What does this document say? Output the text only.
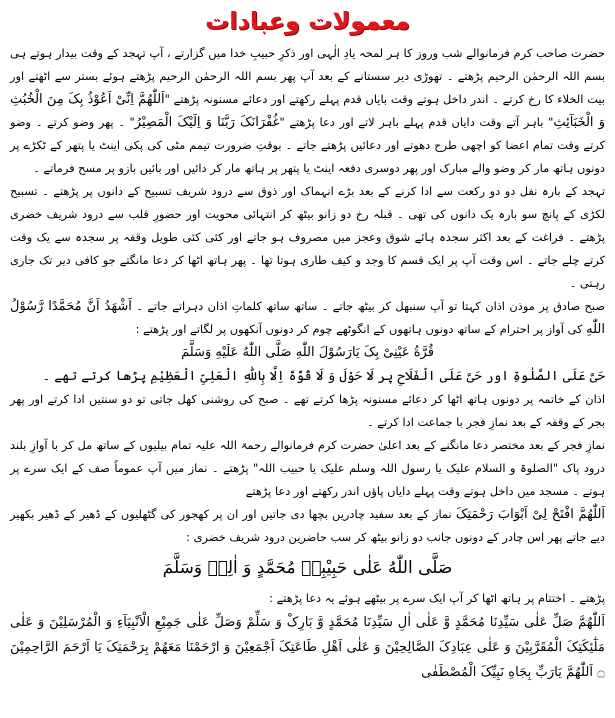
معمولات وعبادات

حضرت صاحب کرم فرمانوالے شب وروز کا ہر لمحہ یادِ الٰہی اور ذکرِ حبیبِ خدا میں گزارتے ، آپ تہجد کے وقت بیدار ہوتے ہی بسم اللہ الرحمٰن الرحیم پڑھتے ۔ تھوڑی دیر سستانے کے بعد آپ پھر بسم اللہ الرحمٰن الرحیم پڑھتے ہوئے بستر سے اٹھتے اور بیت الخلاء کا رخ کرتے ۔ اندر داخل ہوتے وقت بایاں قدم پہلے رکھتے اور دعائے مسنونہ پڑھتے "اَللّٰهُمَّ اِنِّیْ اَعُوْذُ بِکَ مِنَ الْخُبُثِ وَ الْخَبَآئِثِ" باہر آتے وقت دایاں قدم پہلے باہر لاتے اور دعا پڑھتے "غُفْرَانَکَ رَبَّنَا وَ اِلَیْکَ الْمَصِیْرُ" ۔ پھر وضو کرتے ۔ وضو کرتے وقت تمام اعضا کو اچھی طرح دھوتے اور دعائیں پڑھتے جاتے ۔ بوقتِ ضرورت تیمم مٹی کی پکی اینٹ یا پتھر کے ٹکڑے پر دونوں ہاتھ مار کر وضو والے مبارک اور پھر دوسری دفعہ اینٹ یا پتھر پر ہاتھ مار کر دائیں اور بائیں بازو پر مسح فرماتے ۔

تہجد کے بارہ نفل دو دو رکعت سے ادا کرنے کے بعد بڑے انہماک اور ذوق سے درود شریف تسبیح کے دانوں پر پڑھتے ۔ تسبیح لکڑی کے پانچ سو بارہ یک دانوں کی تھی ۔ قبلہ رخ دو زانو بیٹھ کر انتہائی محویت اور حضورِ قلب سے درود شریف خضری پڑھتے ۔ فراغت کے بعد اکثر سجدہ ہائے شوق وعجز میں مصروف ہو جاتے اور کئی کئی طویل وقفہ پر سجدہ سے یک وقت کرتے چلے جاتے ۔ اس وقت آپ پر ایک قسم کا وجد و کیف طاری ہوتا تھا ۔ پھر ہاتھ اٹھا کر دعا مانگتے جو کافی دیر تک جاری رہتی ۔

صبح صادق پر موذن اذان کہتا تو آپ سنبھل کر بیٹھ جاتے ۔ ساتھ ساتھ کلماتِ اذان دہراتے جاتے ۔ اَشْهَدُ اَنَّ مُحَمَّدًا رَّسُوْلُ اللّٰهِ کی آواز پر احترام کے ساتھ دونوں ہاتھوں کے انگوٹھے چوم کر دونوں آنکھوں پر لگاتے اور پڑھتے :

قُرَّةُ عَیْنِیْ بِکَ یَارَسُوْلَ اللّٰهِ صَلَّی اللّٰهُ عَلَیْهِ وَسَلَّمَ

حَیَّ عَلَی الصَّلٰوةِ اور حَیَّ عَلَی الْفَلَاحِ پر لَا حَوْلَ وَ لَا قُوَّةَ اِلَّا بِاللّٰهِ الْعَلِیِّ الْعَظِیْمِ پڑھا کرتے تھے ۔

اذان کے خاتمہ پر دونوں ہاتھ اٹھا کر دعائے مسنونہ پڑھا کرتے تھے ۔ صبح کی روشنی کھل جاتی تو دو سنتیں ادا کرتے اور پھر بجر کے وقفہ کے بعد نمازِ فجر با جماعت ادا کرتے ۔

نمازِ فجر کے بعد مختصر دعا مانگنے کے بعد اعلیٰ حضرت کرم فرمانوالے رحمۃ اللہ علیہ تمام بیلیوں کے ساتھ مل کر با آوازِ بلند درود پاک "الصلوۃ و السلام علیک یا رسول اللہ وسلم علیک یا حبیب اللہ" پڑھتے ۔ نماز میں آپ عموماً صف کے ایک سرے پر ہوتے ۔ مسجد میں داخل ہوتے وقت پہلے دایاں پاؤں اندر رکھتے اور دعا پڑھتے

اَللّٰهُمَّ افْتَحْ لِیْ اَبْوَابَ رَحْمَتِکَ نماز کے بعد سفید چادریں بچھا دی جاتیں اور ان پر کھجور کی گٹھلیوں کے ڈھیر کے ڈھیر بکھیر دیے جاتے پھر اس چادر کے دونوں جانب دو زانو بیٹھ کر سب حاضرین درود شریف خضری :

صَلَّی اللّٰهُ عَلٰی حَبِیْبِهٖ مُحَمَّدٍ وَ اٰلِهٖ وَسَلَّمَ

پڑھتے ۔ اختتام پر ہاتھ اٹھا کر آپ ایک سرے پر بیٹھے ہوئے یہ دعا پڑھتے :

اَللّٰهُمَّ صَلِّ عَلٰی سَیِّدِنَا مُحَمَّدٍ وَّ عَلٰی اٰلِ سَیِّدِنَا مُحَمَّدٍ وَّ بَارِکْ وَ سَلِّمْ وَصَلِّ عَلٰی جَمِیْعِ الْاَنْبِیَآءِ وَ الْمُرْسَلِیْنَ وَ عَلٰی مَلٰٓئِکَتِکَ الْمُقَرَّبِیْنَ وَ عَلٰی عِبَادِکَ الصَّالِحِیْنَ وَ عَلٰی اَهْلِ طَاعَتِکَ اَجْمَعِیْنَ وَ ارْحَمْنَا مَعَهُمْ بِرَحْمَتِکَ یَا اَرْحَمَ الرَّاحِمِیْنَ ۝ اَللّٰهُمَّ یَارَبِّ بِجَاهِ نَبِیِّکَ الْمُصْطَفٰی
